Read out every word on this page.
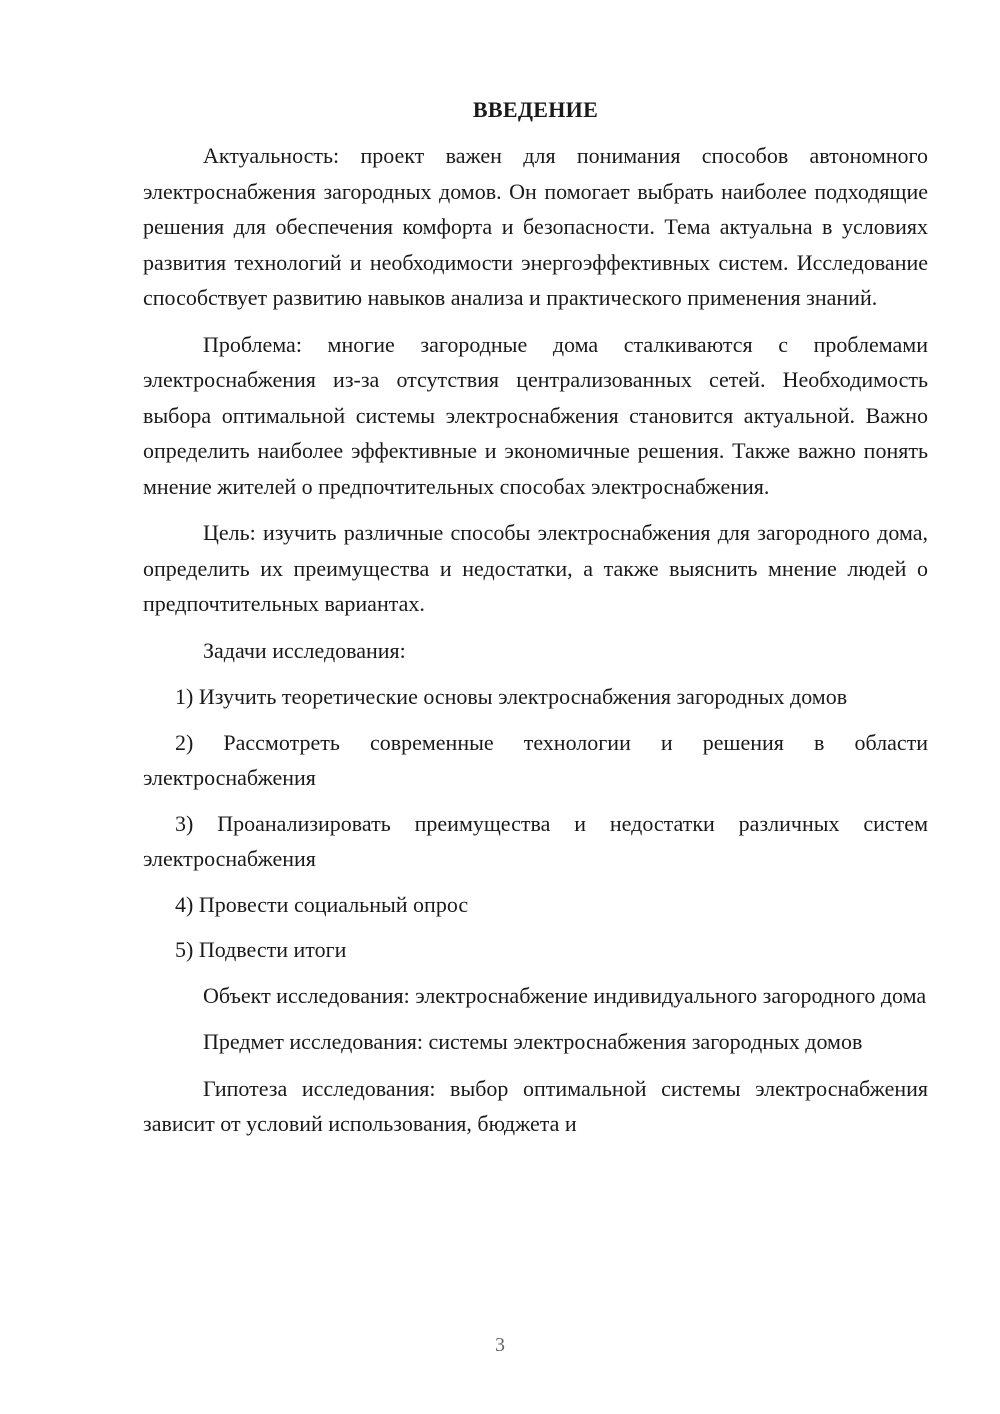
ВВЕДЕНИЕ

Актуальность: проект важен для понимания способов автономного электроснабжения загородных домов. Он помогает выбрать наиболее подходящие решения для обеспечения комфорта и безопасности. Тема актуальна в условиях развития технологий и необходимости энергоэффективных систем. Исследование способствует развитию навыков анализа и практического применения знаний.

Проблема: многие загородные дома сталкиваются с проблемами электроснабжения из-за отсутствия централизованных сетей. Необходимость выбора оптимальной системы электроснабжения становится актуальной. Важно определить наиболее эффективные и экономичные решения. Также важно понять мнение жителей о предпочтительных способах электроснабжения.

Цель: изучить различные способы электроснабжения для загородного дома, определить их преимущества и недостатки, а также выяснить мнение людей о предпочтительных вариантах.

Задачи исследования:

1) Изучить теоретические основы электроснабжения загородных домов

2) Рассмотреть современные технологии и решения в области электроснабжения

3) Проанализировать преимущества и недостатки различных систем электроснабжения

4) Провести социальный опрос

5) Подвести итоги

Объект исследования: электроснабжение индивидуального загородного дома

Предмет исследования: системы электроснабжения загородных домов

Гипотеза исследования: выбор оптимальной системы электроснабжения зависит от условий использования, бюджета и

3
